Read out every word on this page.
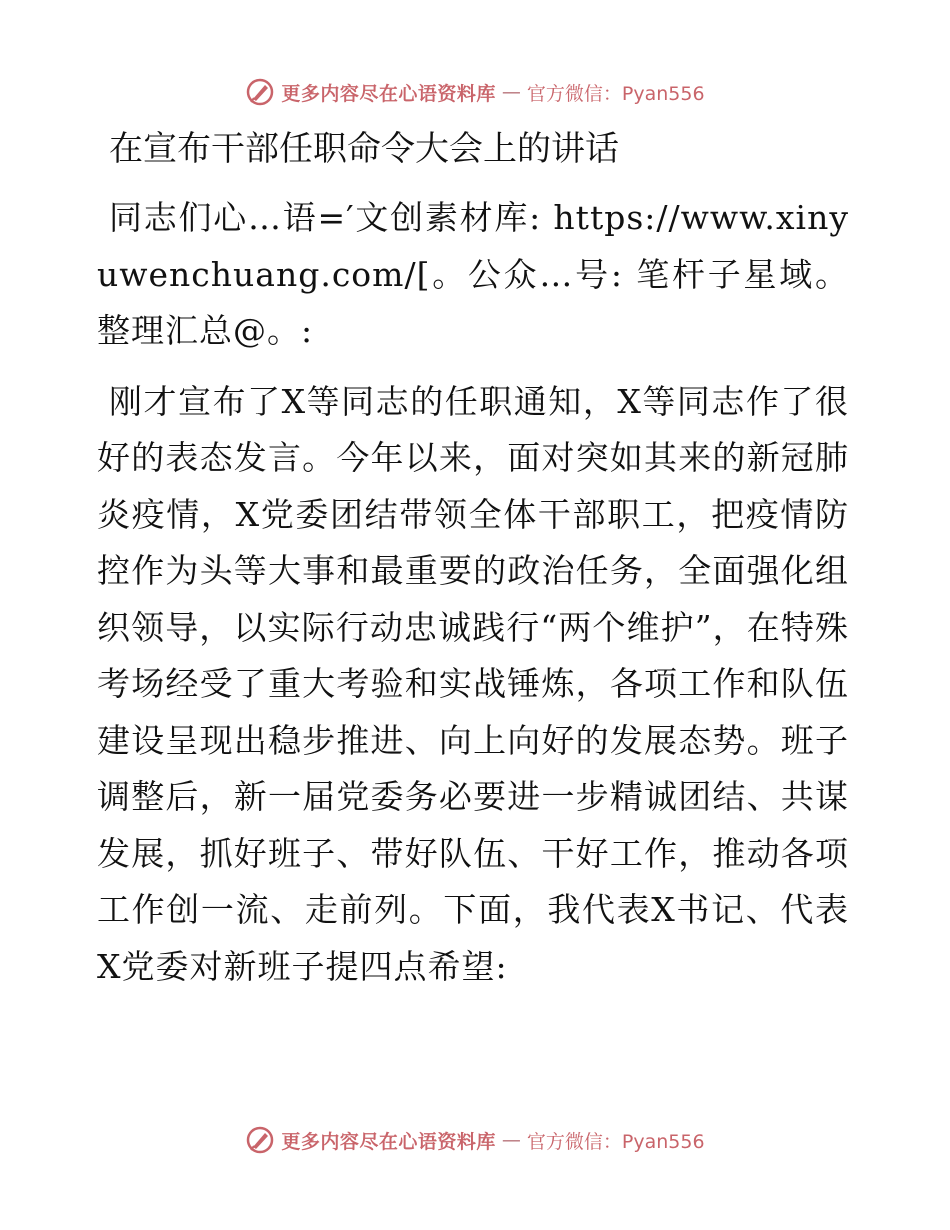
更多内容尽在心语资料库 — 官方微信：Pyan556
在宣布干部任职命令大会上的讲话

同志们心…语=′文创素材库: https://www.xinyuwenchuang.com/[。公众…号: 笔杆子星域。整理汇总@。:

刚才宣布了X等同志的任职通知，X等同志作了很好的表态发言。今年以来，面对突如其来的新冠肺炎疫情，X党委团结带领全体干部职工，把疫情防控作为头等大事和最重要的政治任务，全面强化组织领导，以实际行动忠诚践行“两个维护”，在特殊考场经受了重大考验和实战锤炼，各项工作和队伍建设呈现出稳步推进、向上向好的发展态势。班子调整后，新一届党委务必要进一步精诚团结、共谋发展，抓好班子、带好队伍、干好工作，推动各项工作创一流、走前列。下面，我代表X书记、代表X党委对新班子提四点希望:

更多内容尽在心语资料库 — 官方微信：Pyan556
